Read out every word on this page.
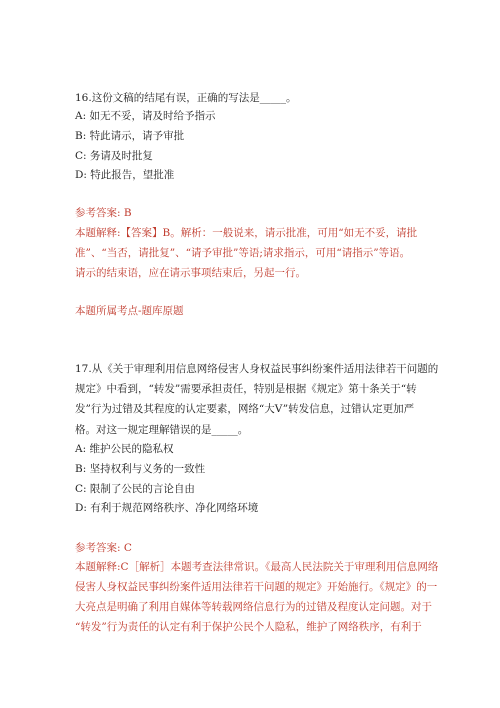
16.这份文稿的结尾有误，正确的写法是_____。
A: 如无不妥，请及时给予指示
B: 特此请示，请予审批
C: 务请及时批复
D: 特此报告，望批准
参考答案: B
本题解释:【答案】B。解析：一般说来，请示批准，可用“如无不妥，请批
准”、“当否，请批复”、“请予审批”等语;请求指示，可用“请指示”等语。
请示的结束语，应在请示事项结束后，另起一行。
本题所属考点-题库原题
17.从《关于审理利用信息网络侵害人身权益民事纠纷案件适用法律若干问题的
规定》中看到，“转发”需要承担责任，特别是根据《规定》第十条关于“转
发”行为过错及其程度的认定要素，网络“大V”转发信息，过错认定更加严
格。对这一规定理解错误的是_____。
A: 维护公民的隐私权
B: 坚持权利与义务的一致性
C: 限制了公民的言论自由
D: 有利于规范网络秩序、净化网络环境
参考答案: C
本题解释:C［解析］本题考查法律常识。《最高人民法院关于审理利用信息网络
侵害人身权益民事纠纷案件适用法律若干问题的规定》开始施行。《规定》的一
大亮点是明确了利用自媒体等转载网络信息行为的过错及程度认定问题。对于
“转发”行为责任的认定有利于保护公民个人隐私，维护了网络秩序，有利于
